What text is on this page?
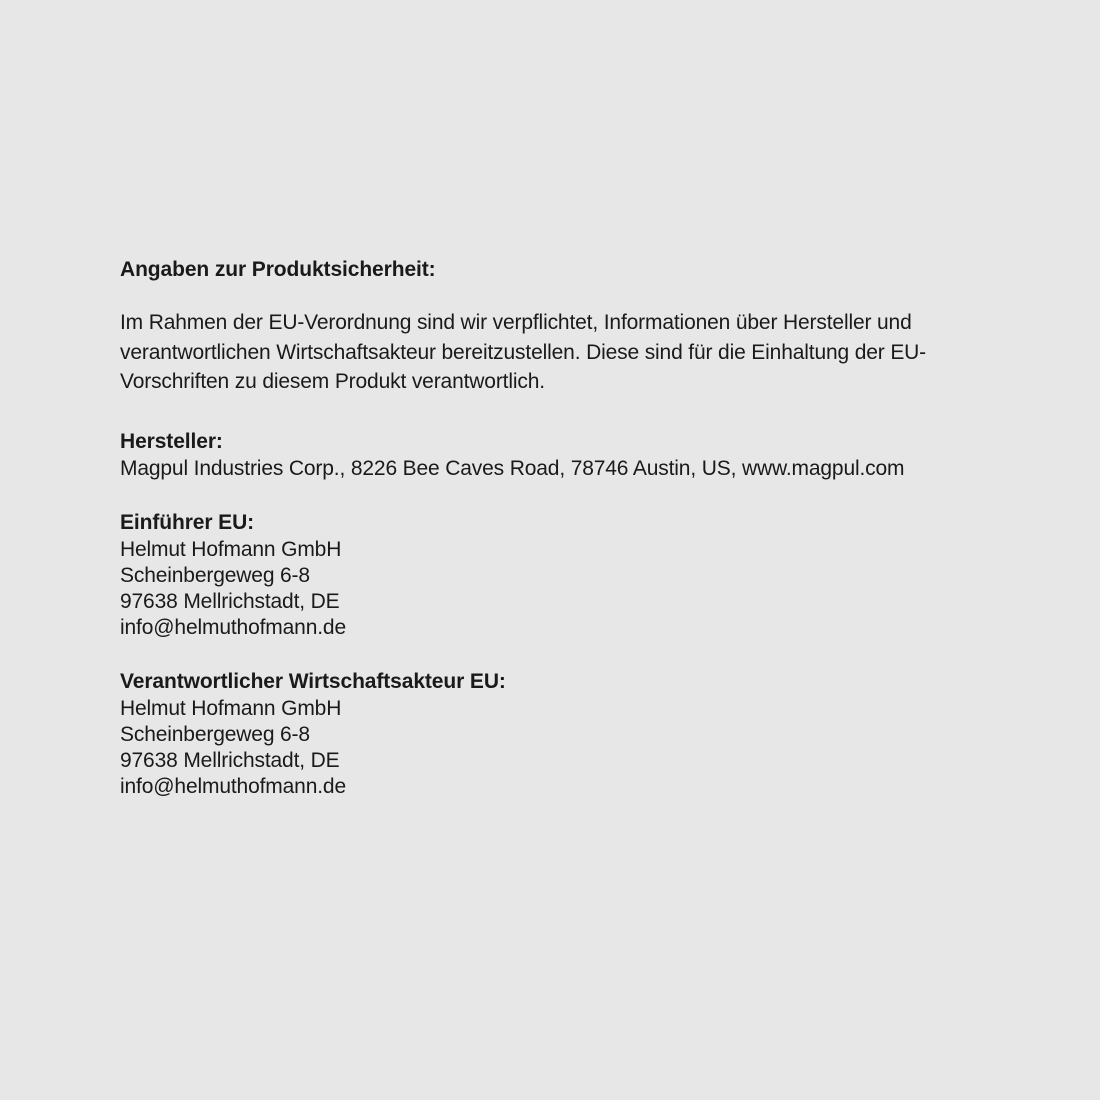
Angaben zur Produktsicherheit:

Im Rahmen der EU-Verordnung sind wir verpflichtet, Informationen über Hersteller und verantwortlichen Wirtschaftsakteur bereitzustellen. Diese sind für die Einhaltung der EU-Vorschriften zu diesem Produkt verantwortlich.

Hersteller:
Magpul Industries Corp., 8226 Bee Caves Road, 78746 Austin, US, www.magpul.com
Einführer EU:
Helmut Hofmann GmbH
Scheinbergeweg 6-8
97638 Mellrichstadt, DE
info@helmuthofmann.de
Verantwortlicher Wirtschaftsakteur EU:
Helmut Hofmann GmbH
Scheinbergeweg 6-8
97638 Mellrichstadt, DE
info@helmuthofmann.de
